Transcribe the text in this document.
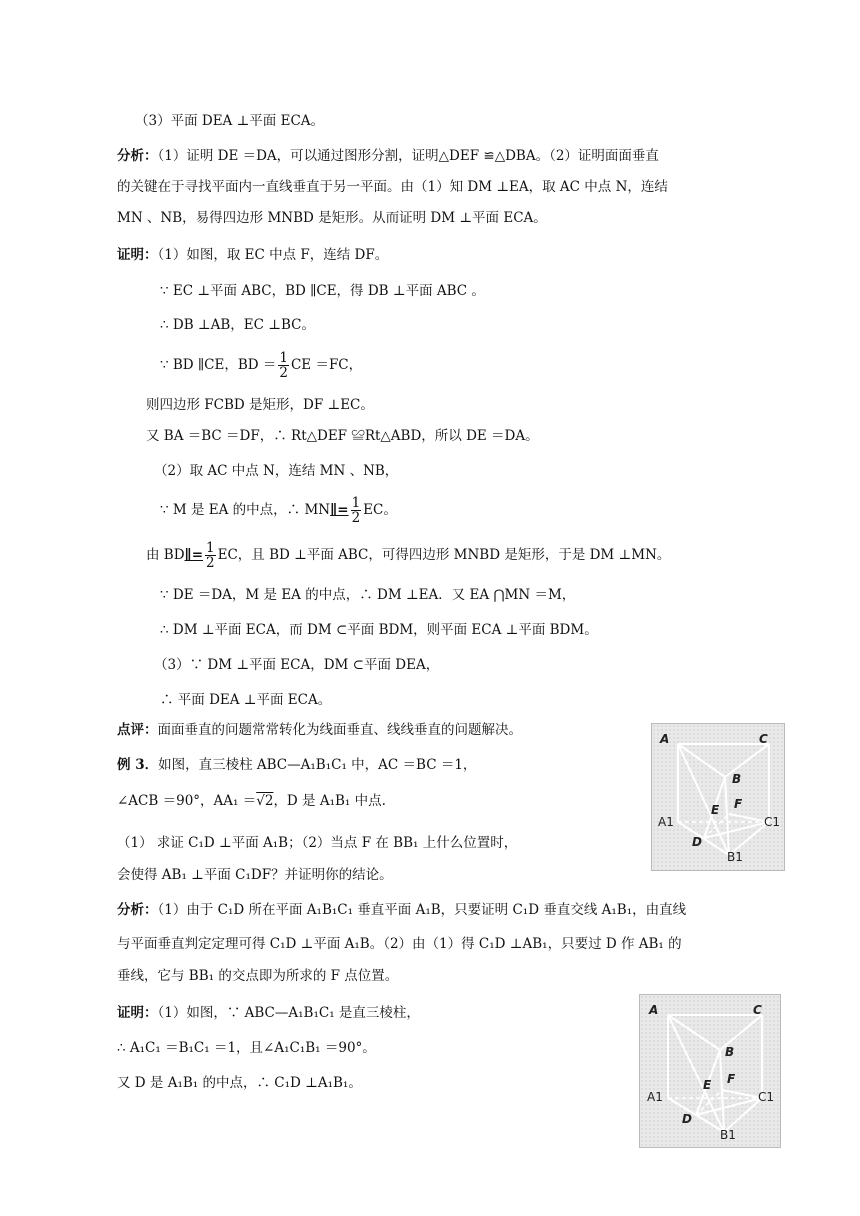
（3）平面 DEA ⊥平面 ECA。
分析：（1）证明 DE ＝DA，可以通过图形分割，证明△DEF ≌△DBA。（2）证明面面垂直
的关键在于寻找平面内一直线垂直于另一平面。由（1）知 DM ⊥EA，取 AC 中点 N，连结
MN 、NB，易得四边形 MNBD 是矩形。从而证明 DM ⊥平面 ECA。
证明：（1）如图，取 EC 中点 F，连结 DF。
∵ EC ⊥平面 ABC，BD ∥CE，得 DB ⊥平面 ABC 。
∴ DB ⊥AB，EC ⊥BC。
∵ BD ∥CE，BD ＝ $\frac{1}{2}$ CE ＝FC，
则四边形 FCBD 是矩形，DF ⊥EC。
又 BA ＝BC ＝DF，∴ Rt△DEF ≌Rt△ABD，所以 DE ＝DA。
（2）取 AC 中点 N，连结 MN 、NB，
∵ M 是 EA 的中点，∴ MN∥= $\frac{1}{2}$ EC。
由 BD∥= $\frac{1}{2}$ EC，且 BD ⊥平面 ABC，可得四边形 MNBD 是矩形，于是 DM ⊥MN。
∵ DE ＝DA，M 是 EA 的中点，∴ DM ⊥EA．又 EA ⋂MN ＝M，
∴ DM ⊥平面 ECA，而 DM ⊂平面 BDM，则平面 ECA ⊥平面 BDM。
（3）∵ DM ⊥平面 ECA，DM ⊂平面 DEA，
∴ 平面 DEA ⊥平面 ECA。
点评：面面垂直的问题常常转化为线面垂直、线线垂直的问题解决。
例 3．如图，直三棱柱 ABC—A₁B₁C₁ 中，AC ＝BC ＝1，
∠ACB ＝90°，AA₁ ＝√2，D 是 A₁B₁ 中点.
（1） 求证 C₁D ⊥平面 A₁B；（2）当点 F 在 BB₁ 上什么位置时，
会使得 AB₁ ⊥平面 C₁DF？并证明你的结论。
分析：（1）由于 C₁D 所在平面 A₁B₁C₁ 垂直平面 A₁B，只要证明 C₁D 垂直交线 A₁B₁，由直线
与平面垂直判定定理可得 C₁D ⊥平面 A₁B。（2）由（1）得 C₁D ⊥AB₁，只要过 D 作 AB₁ 的
垂线，它与 BB₁ 的交点即为所求的 F 点位置。
证明：（1）如图，∵ ABC—A₁B₁C₁ 是直三棱柱，
∴ A₁C₁ ＝B₁C₁ ＝1，且∠A₁C₁B₁ ＝90°。
又 D 是 A₁B₁ 的中点，∴ C₁D ⊥A₁B₁。
A	C
B
E F
A1	C1
D
B1
A	C
B
E F
A1	C1
D
B1
